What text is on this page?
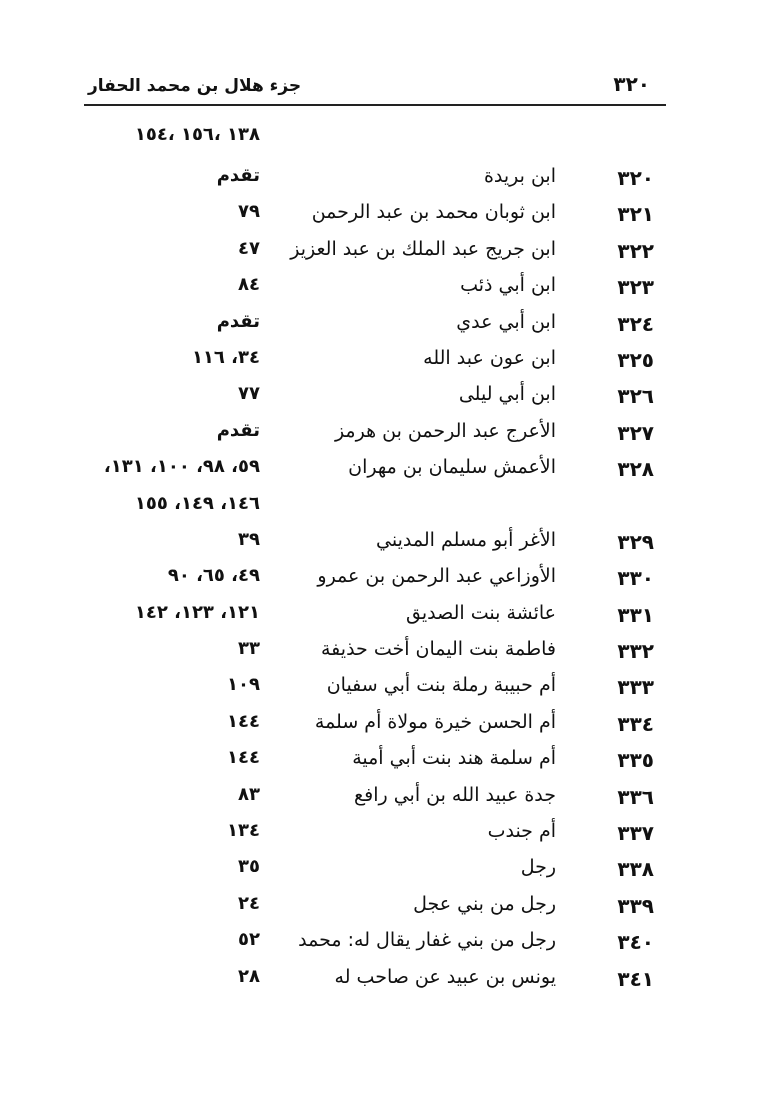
٣٢٠
جزء هلال بن محمد الحفار
١٣٨ ،١٥٦ ،١٥٤
٣٢٠
ابن بريدة
تقدم
٣٢١
ابن ثوبان محمد بن عبد الرحمن
٧٩
٣٢٢
ابن جريج عبد الملك بن عبد العزيز
٤٧
٣٢٣
ابن أبي ذئب
٨٤
٣٢٤
ابن أبي عدي
تقدم
٣٢٥
ابن عون عبد الله
٣٤، ١١٦
٣٢٦
ابن أبي ليلى
٧٧
٣٢٧
الأعرج عبد الرحمن بن هرمز
تقدم
٣٢٨
الأعمش سليمان بن مهران
٥٩، ٩٨، ١٠٠، ١٣١،
١٤٦، ١٤٩، ١٥٥
٣٢٩
الأغر أبو مسلم المديني
٣٩
٣٣٠
الأوزاعي عبد الرحمن بن عمرو
٤٩، ٦٥، ٩٠
٣٣١
عائشة بنت الصديق
١٢١، ١٢٣، ١٤٢
٣٣٢
فاطمة بنت اليمان أخت حذيفة
٣٣
٣٣٣
أم حبيبة رملة بنت أبي سفيان
١٠٩
٣٣٤
أم الحسن خيرة مولاة أم سلمة
١٤٤
٣٣٥
أم سلمة هند بنت أبي أمية
١٤٤
٣٣٦
جدة عبيد الله بن أبي رافع
٨٣
٣٣٧
أم جندب
١٣٤
٣٣٨
رجل
٣٥
٣٣٩
رجل من بني عجل
٢٤
٣٤٠
رجل من بني غفار يقال له: محمد
٥٢
٣٤١
يونس بن عبيد عن صاحب له
٢٨
